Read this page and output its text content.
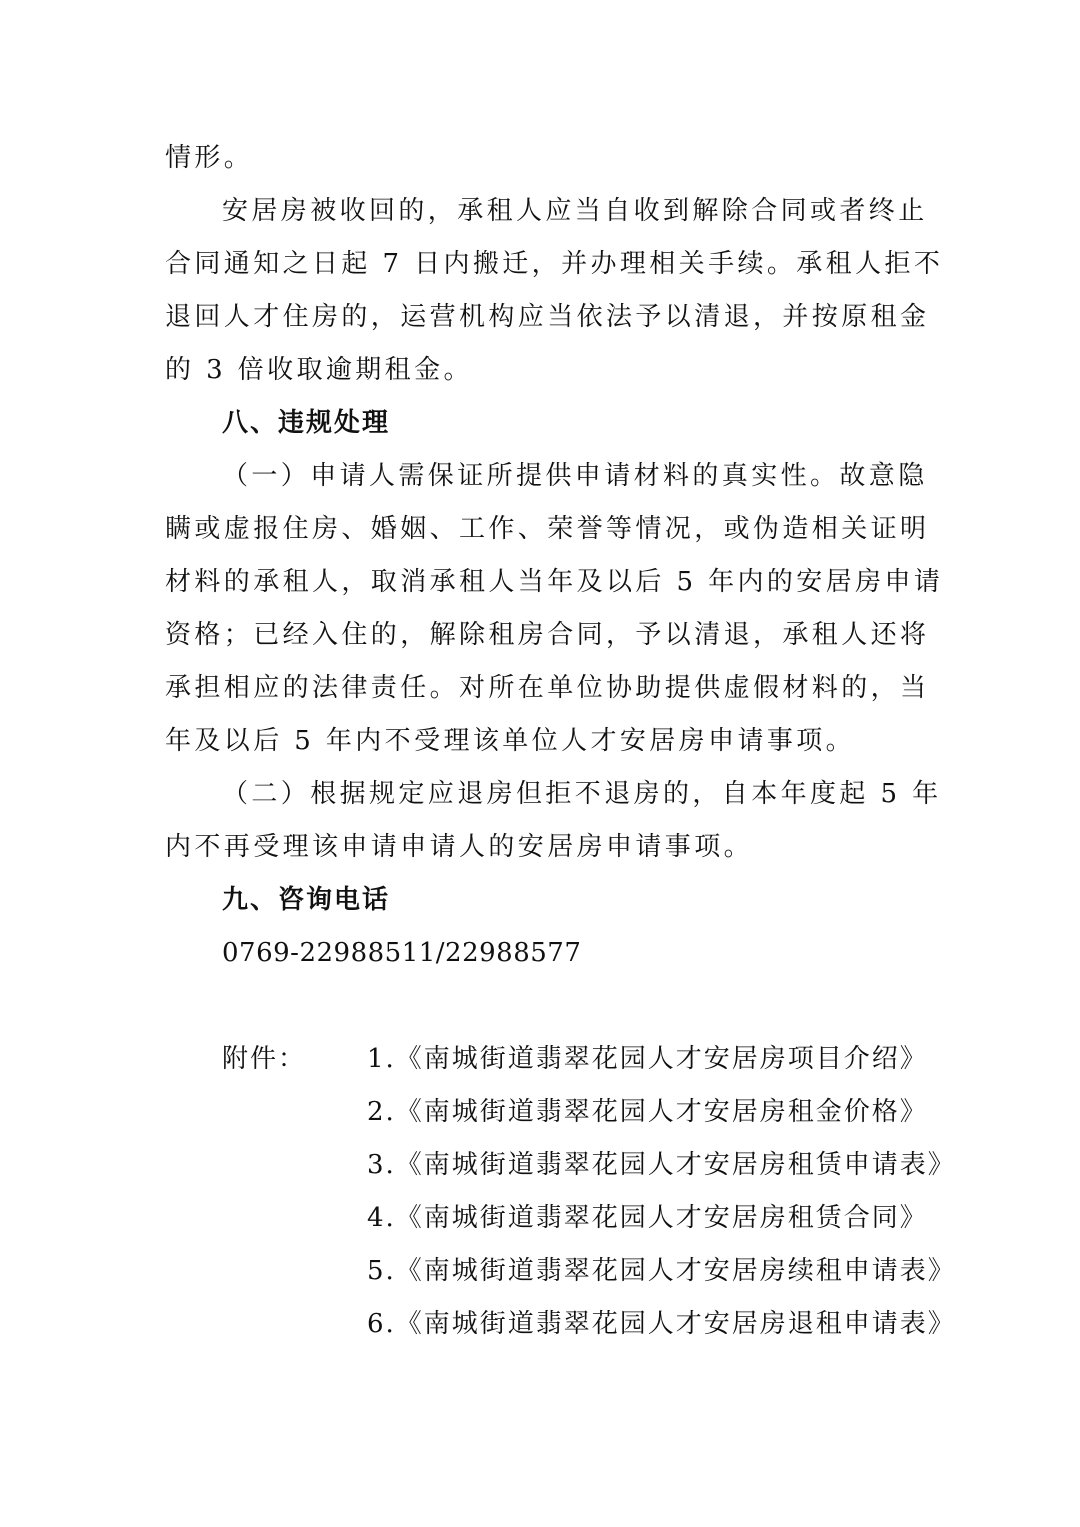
情形。
安居房被收回的，承租人应当自收到解除合同或者终止
合同通知之日起 7 日内搬迁，并办理相关手续。承租人拒不
退回人才住房的，运营机构应当依法予以清退，并按原租金
的 3 倍收取逾期租金。
八、违规处理
（一）申请人需保证所提供申请材料的真实性。故意隐
瞒或虚报住房、婚姻、工作、荣誉等情况，或伪造相关证明
材料的承租人，取消承租人当年及以后 5 年内的安居房申请
资格；已经入住的，解除租房合同，予以清退，承租人还将
承担相应的法律责任。对所在单位协助提供虚假材料的，当
年及以后 5 年内不受理该单位人才安居房申请事项。
（二）根据规定应退房但拒不退房的，自本年度起 5 年
内不再受理该申请申请人的安居房申请事项。
九、咨询电话
0769-22988511/22988577
附件：	1.《南城街道翡翠花园人才安居房项目介绍》
2.《南城街道翡翠花园人才安居房租金价格》
3.《南城街道翡翠花园人才安居房租赁申请表》
4.《南城街道翡翠花园人才安居房租赁合同》
5.《南城街道翡翠花园人才安居房续租申请表》
6.《南城街道翡翠花园人才安居房退租申请表》
